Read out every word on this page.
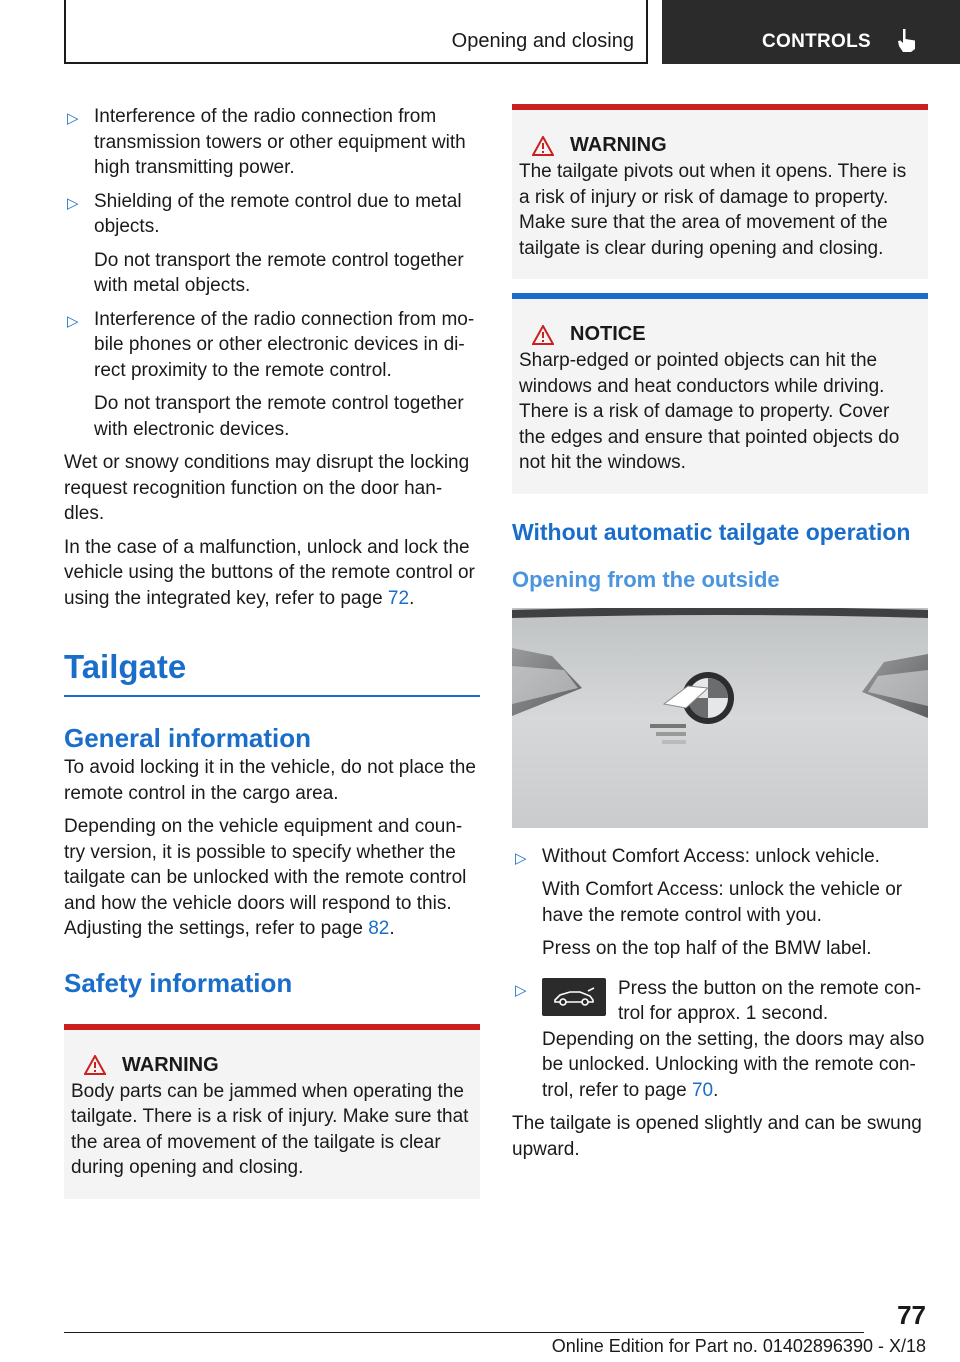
Opening and closing	CONTROLS
▷ Interference of the radio connection from transmission towers or other equipment with high transmitting power.
▷ Shielding of the remote control due to metal objects.
Do not transport the remote control together with metal objects.
▷ Interference of the radio connection from mo-bile phones or other electronic devices in di-rect proximity to the remote control.
Do not transport the remote control together with electronic devices.

Wet or snowy conditions may disrupt the locking request recognition function on the door han-dles.

In the case of a malfunction, unlock and lock the vehicle using the buttons of the remote control or using the integrated key, refer to page 72.

Tailgate
General information

To avoid locking it in the vehicle, do not place the remote control in the cargo area.

Depending on the vehicle equipment and coun-try version, it is possible to specify whether the tailgate can be unlocked with the remote control and how the vehicle doors will respond to this. Adjusting the settings, refer to page 82.

Safety information
WARNING
Body parts can be jammed when operating the tailgate. There is a risk of injury. Make sure that the area of movement of the tailgate is clear during opening and closing.
WARNING
The tailgate pivots out when it opens. There is a risk of injury or risk of damage to property. Make sure that the area of movement of the tailgate is clear during opening and closing.
NOTICE
Sharp-edged or pointed objects can hit the windows and heat conductors while driving. There is a risk of damage to property. Cover the edges and ensure that pointed objects do not hit the windows.
Without automatic tailgate operation
Opening from the outside
▷ Without Comfort Access: unlock vehicle.
With Comfort Access: unlock the vehicle or have the remote control with you.
Press on the top half of the BMW label.
▷	Press the button on the remote con-trol for approx. 1 second.
Depending on the setting, the doors may also be unlocked. Unlocking with the remote con-trol, refer to page 70.

The tailgate is opened slightly and can be swung upward.

77
Online Edition for Part no. 01402896390 - X/18
